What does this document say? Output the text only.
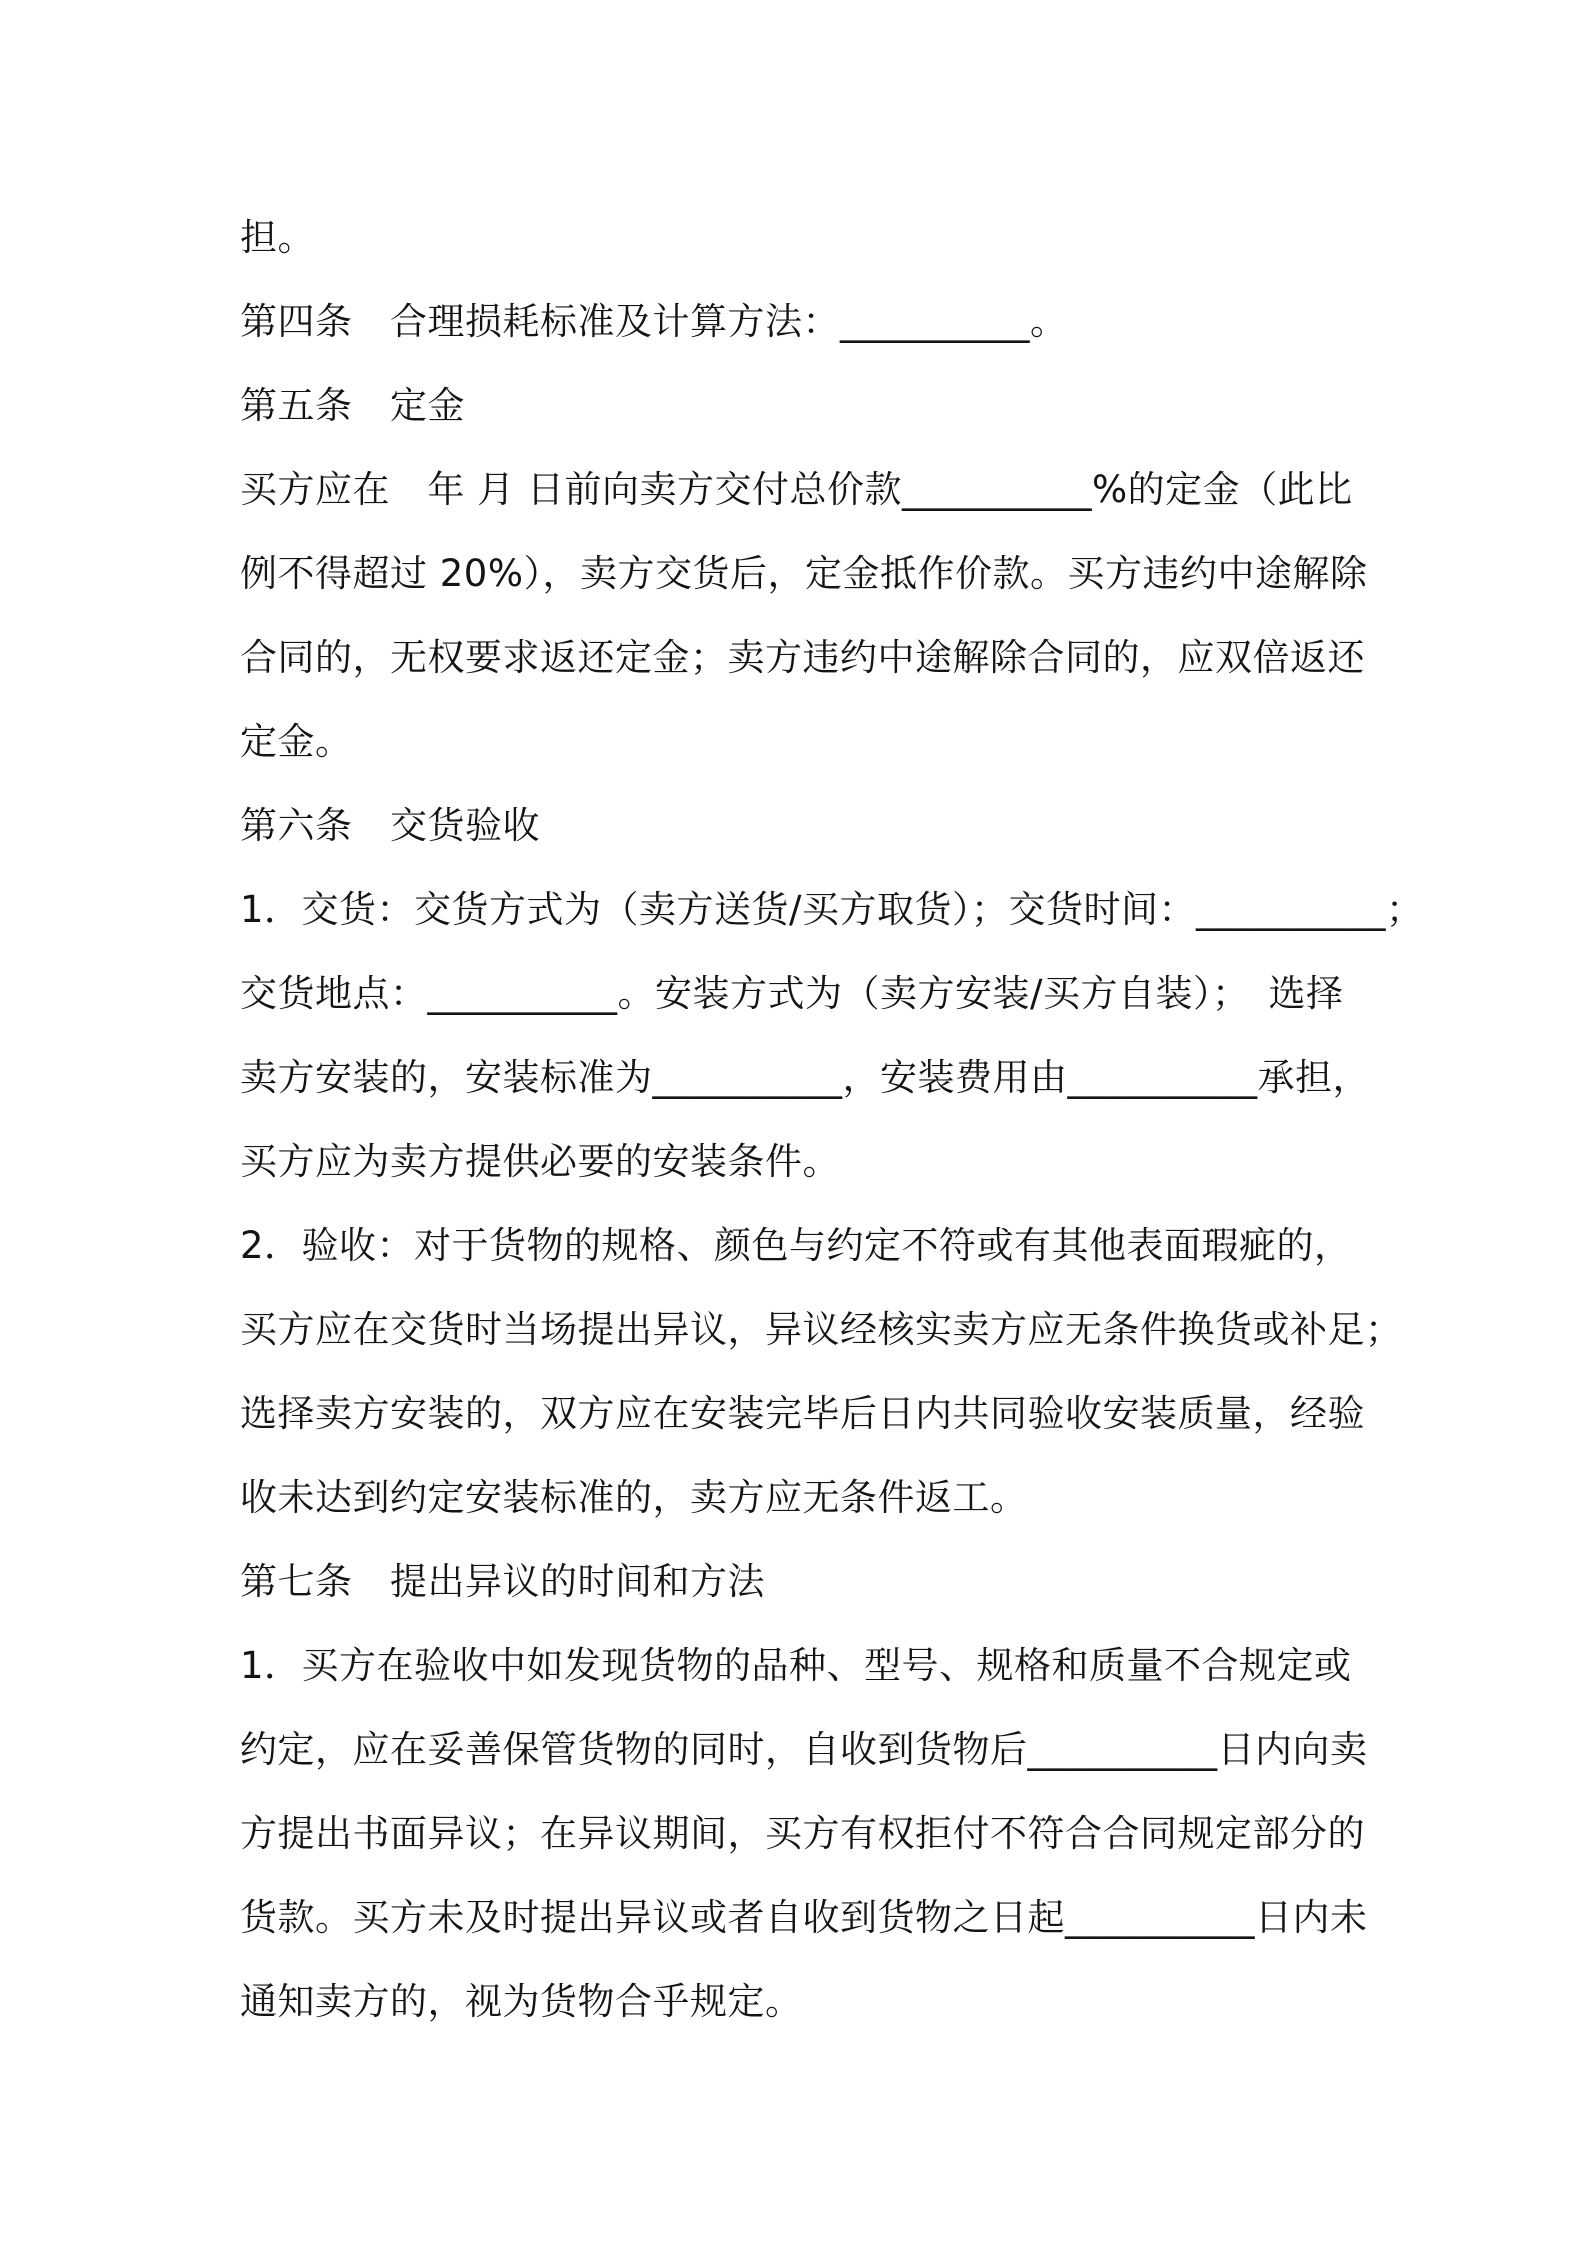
担。
第四条　合理损耗标准及计算方法：__________。
第五条　定金
买方应在　年 月 日前向卖方交付总价款__________%的定金（此比
例不得超过 20%），卖方交货后，定金抵作价款。买方违约中途解除
合同的，无权要求返还定金；卖方违约中途解除合同的，应双倍返还
定金。
第六条　交货验收
1．交货：交货方式为（卖方送货/买方取货）；交货时间：__________；
交货地点：__________。安装方式为（卖方安装/买方自装）；　选择
卖方安装的，安装标准为__________，安装费用由__________承担，
买方应为卖方提供必要的安装条件。
2．验收：对于货物的规格、颜色与约定不符或有其他表面瑕疵的，
买方应在交货时当场提出异议，异议经核实卖方应无条件换货或补足；
选择卖方安装的，双方应在安装完毕后日内共同验收安装质量，经验
收未达到约定安装标准的，卖方应无条件返工。
第七条　提出异议的时间和方法
1．买方在验收中如发现货物的品种、型号、规格和质量不合规定或
约定，应在妥善保管货物的同时，自收到货物后__________日内向卖
方提出书面异议；在异议期间，买方有权拒付不符合合同规定部分的
货款。买方未及时提出异议或者自收到货物之日起__________日内未
通知卖方的，视为货物合乎规定。
